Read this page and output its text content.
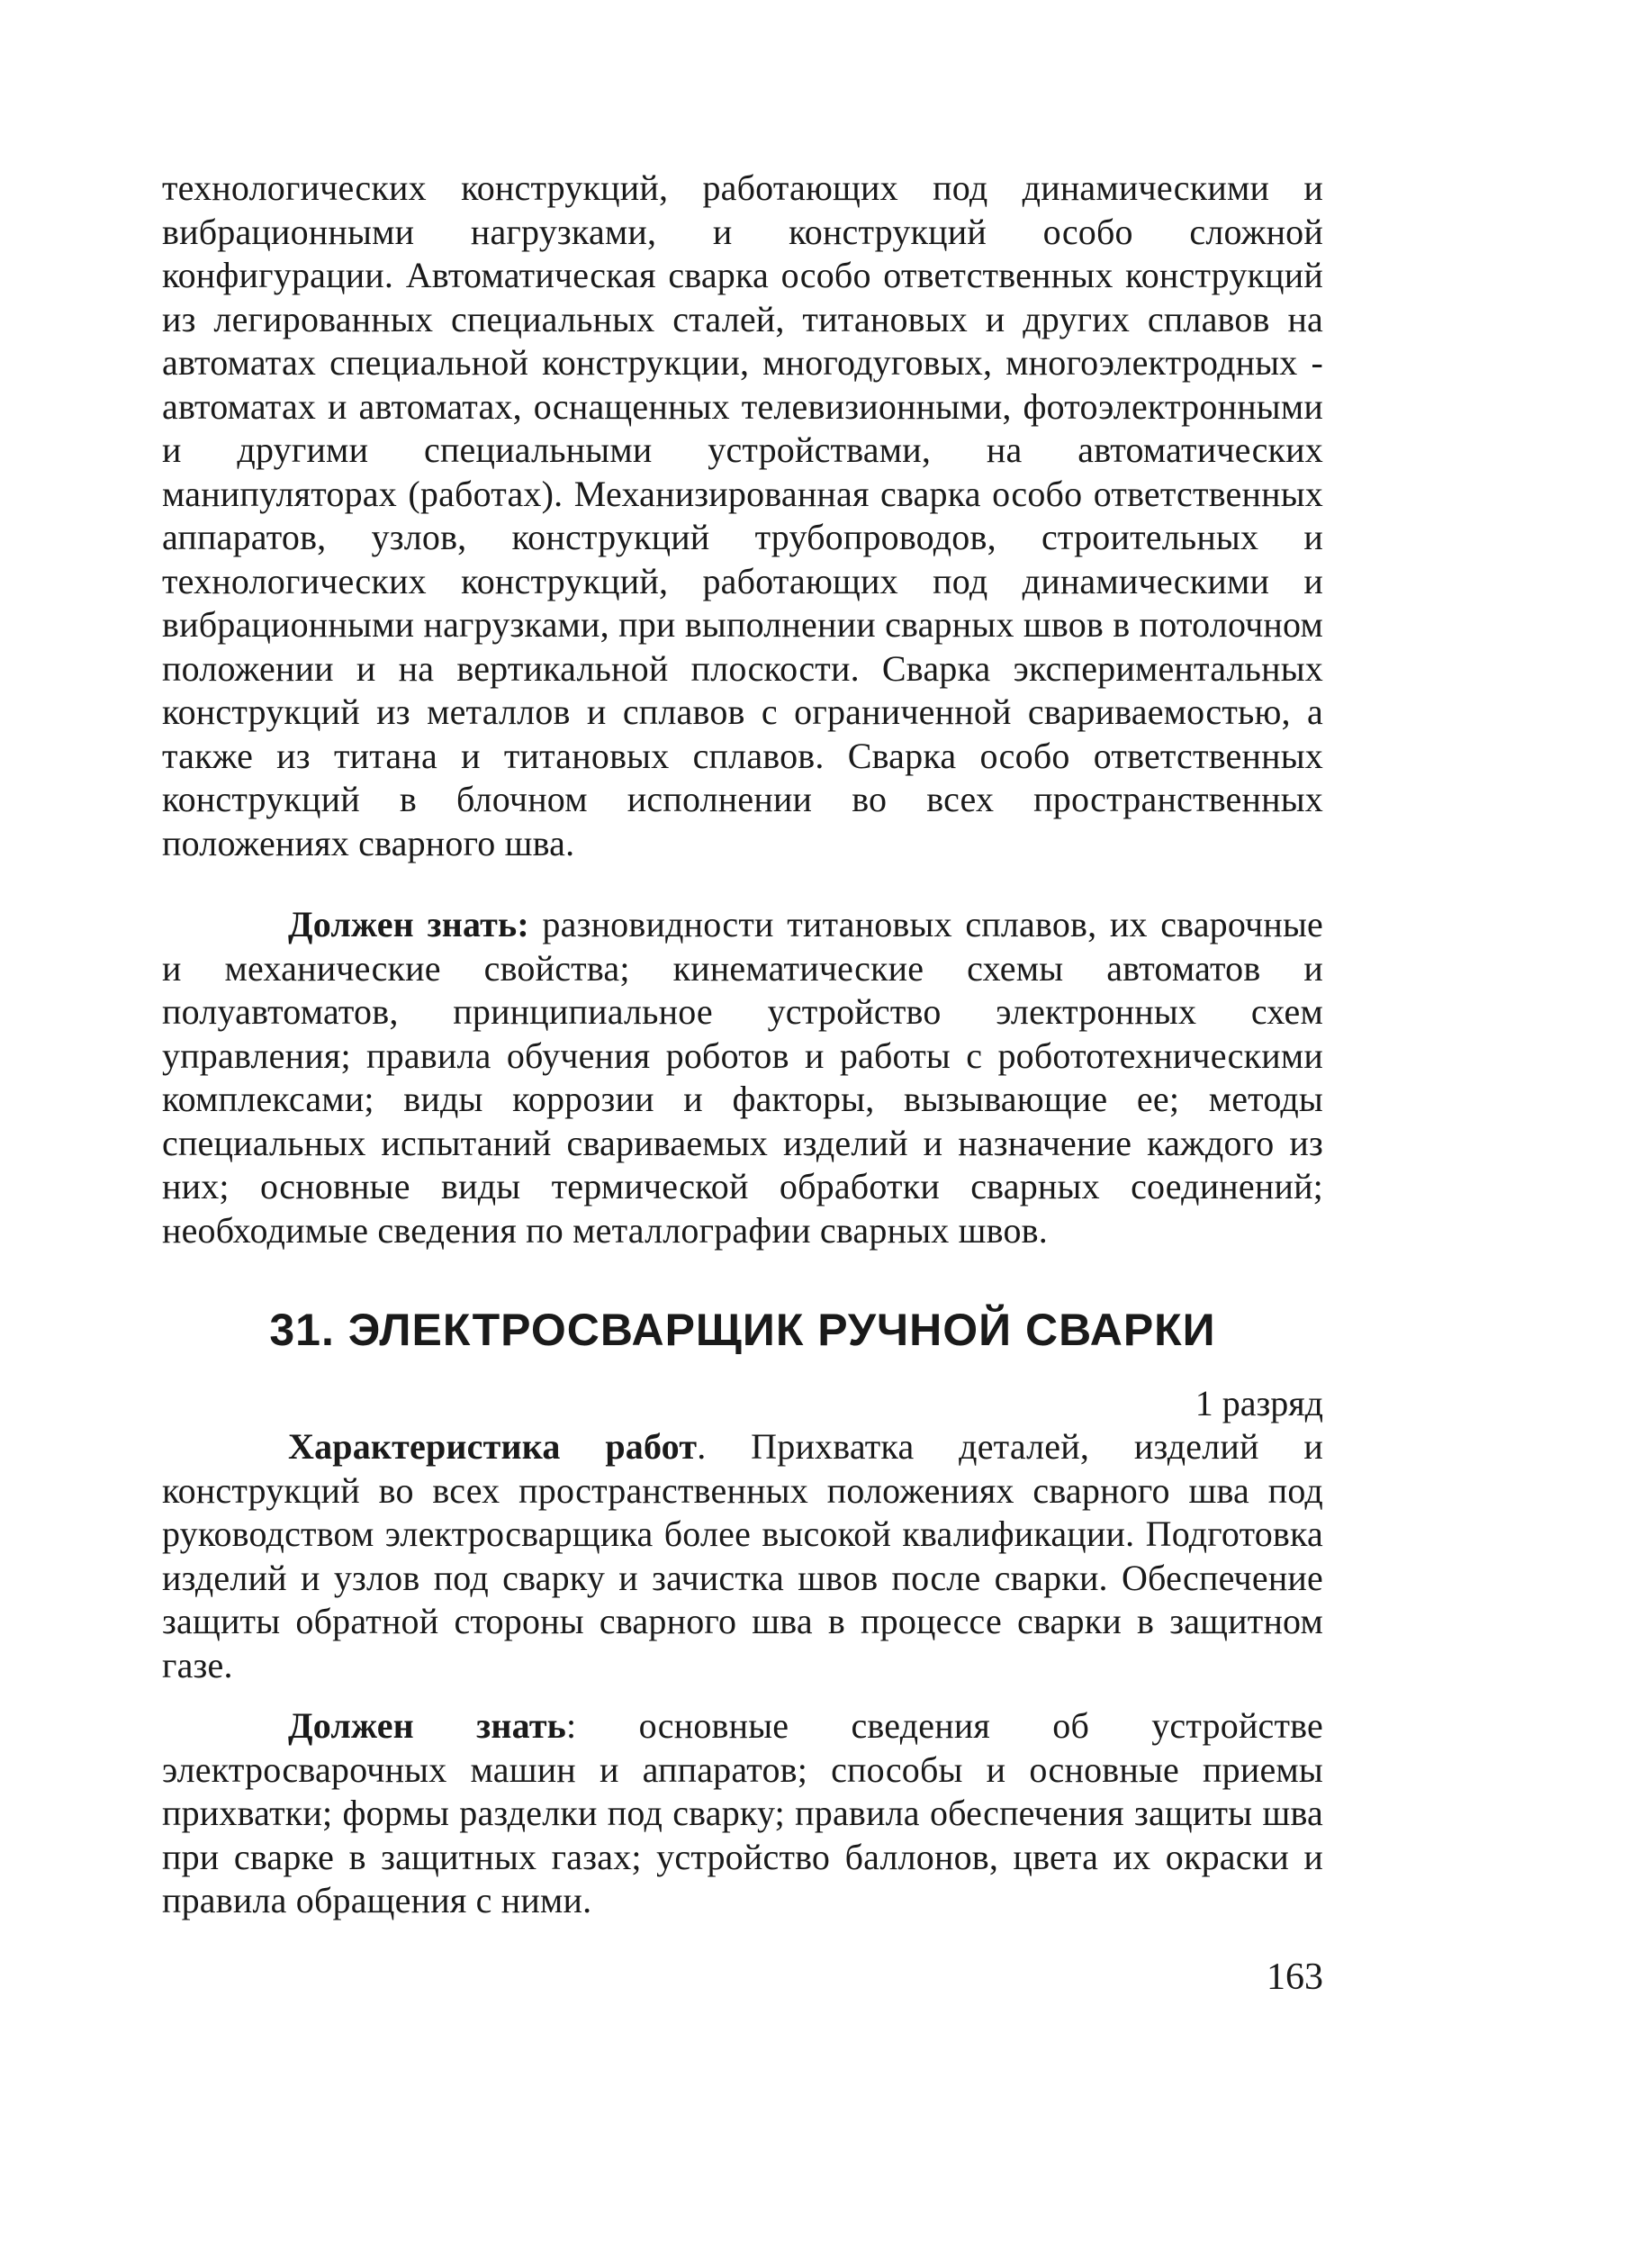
технологических конструкций, работающих под динамическими и вибрационными нагрузками, и конструкций особо сложной конфигурации. Автоматическая сварка особо ответственных конструкций из легированных специальных сталей, титановых и других сплавов на автоматах специальной конструкции, многодуговых, многоэлектродных - автоматах и автоматах, оснащенных телевизионными, фотоэлектронными и другими специальными устройствами, на автоматических манипуляторах (работах). Механизированная сварка особо ответственных аппаратов, узлов, конструкций трубопроводов, строительных и технологических конструкций, работающих под динамическими и вибрационными нагрузками, при выполнении сварных швов в потолочном положении и на вертикальной плоскости. Сварка экспериментальных конструкций из металлов и сплавов с ограниченной свариваемостью, а также из титана и титановых сплавов. Сварка особо ответственных конструкций в блочном исполнении во всех пространственных положениях сварного шва.

Должен знать: разновидности титановых сплавов, их сварочные и механические свойства; кинематические схемы автоматов и полуавтоматов, принципиальное устройство электронных схем управления; правила обучения роботов и работы с робототехническими комплексами; виды коррозии и факторы, вызывающие ее; методы специальных испытаний свариваемых изделий и назначение каждого из них; основные виды термической обработки сварных соединений; необходимые сведения по металлографии сварных швов.

31. ЭЛЕКТРОСВАРЩИК РУЧНОЙ СВАРКИ

1 разряд

Характеристика работ. Прихватка деталей, изделий и конструкций во всех пространственных положениях сварного шва под руководством электросварщика более высокой квалификации. Подготовка изделий и узлов под сварку и зачистка швов после сварки. Обеспечение защиты обратной стороны сварного шва в процессе сварки в защитном газе.

Должен знать: основные сведения об устройстве электросварочных машин и аппаратов; способы и основные приемы прихватки; формы разделки под сварку; правила обеспечения защиты шва при сварке в защитных газах; устройство баллонов, цвета их окраски и правила обращения с ними.

163
